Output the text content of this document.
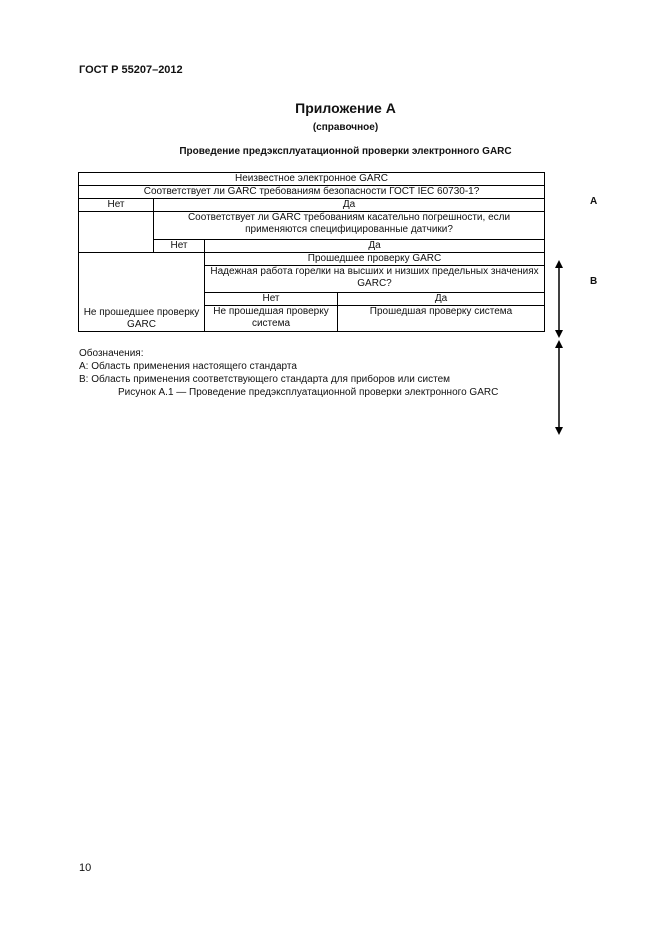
ГОСТ Р 55207–2012
Приложение А
(справочное)
Проведение предэксплуатационной проверки электронного GARC
Неизвестное электронное GARC			
Соответствует ли GARC требованиям безопасности ГОСТ IEC 60730-1?			
Нет	Да		
	Соответствует ли GARC требованиям касательно погрешности, если применяются специфицированные датчики?		
	Нет	Да	
Не прошедшее проверку GARC		Прошедшее проверку GARC	
		Надежная работа горелки на высших и низших предельных значениях GARC?	
		Нет	Да
		Не прошедшая проверку система	Прошедшая проверку система
A
B
Обозначения:
А: Область применения настоящего стандарта
В: Область применения соответствующего стандарта для приборов или систем
Рисунок А.1 — Проведение предэксплуатационной проверки электронного GARC
10
